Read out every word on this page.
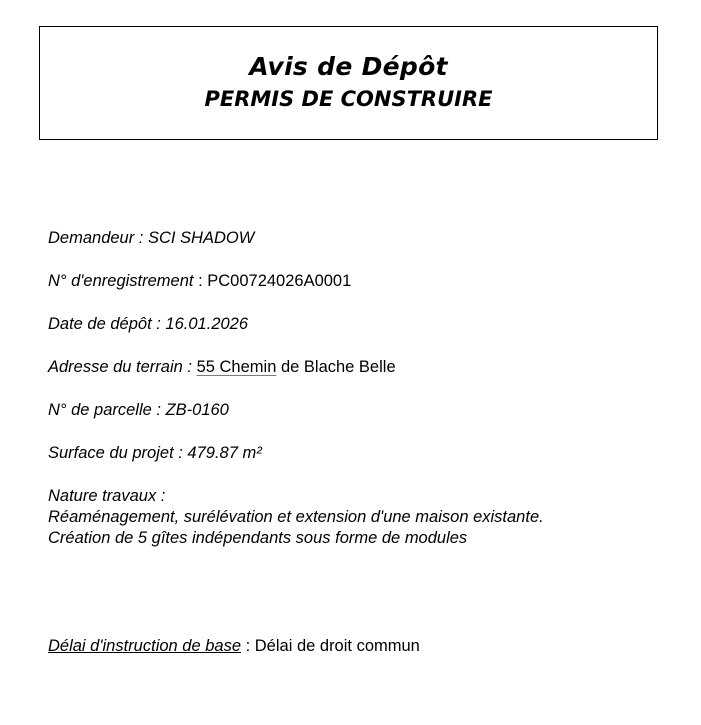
Avis de Dépôt
PERMIS DE CONSTRUIRE
Demandeur : SCI SHADOW
N° d'enregistrement : PC00724026A0001
Date de dépôt : 16.01.2026
Adresse du terrain : 55 Chemin de Blache Belle
N° de parcelle : ZB-0160
Surface du projet : 479.87 m²
Nature travaux :
Réaménagement, surélévation et extension d'une maison existante.
Création de 5 gîtes indépendants sous forme de modules
Délai d'instruction de base : Délai de droit commun
